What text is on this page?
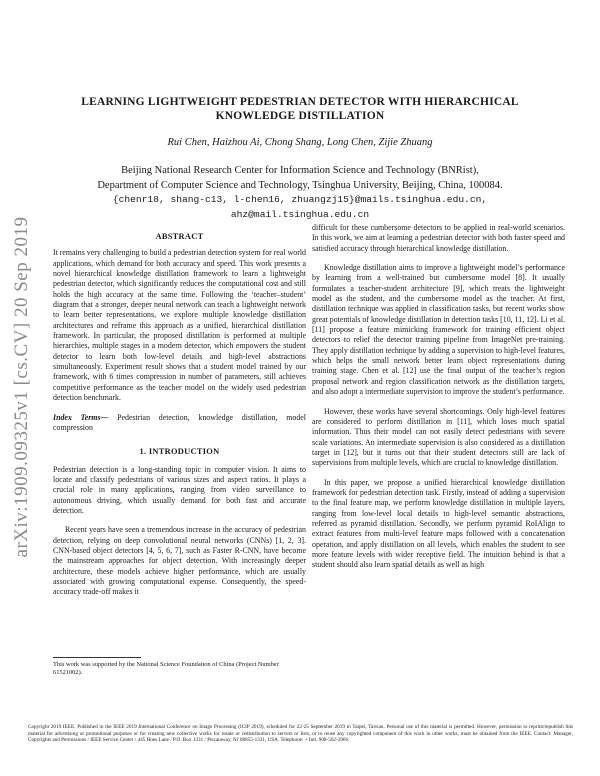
arXiv:1909.09325v1 [cs.CV] 20 Sep 2019
LEARNING LIGHTWEIGHT PEDESTRIAN DETECTOR WITH HIERARCHICAL KNOWLEDGE DISTILLATION
Rui Chen, Haizhou Ai, Chong Shang, Long Chen, Zijie Zhuang
Beijing National Research Center for Information Science and Technology (BNRist),
Department of Computer Science and Technology, Tsinghua University, Beijing, China, 100084.
{chenr18, shang-c13, l-chen16, zhuangzj15}@mails.tsinghua.edu.cn, ahz@mail.tsinghua.edu.cn
ABSTRACT

It remains very challenging to build a pedestrian detection system for real world applications, which demand for both accuracy and speed. This work presents a novel hierarchical knowledge distillation framework to learn a lightweight pedestrian detector, which significantly reduces the computational cost and still holds the high accuracy at the same time. Following the ‘teacher–student’ diagram that a stronger, deeper neural network can teach a lightweight network to learn better representations, we explore multiple knowledge distillation architectures and reframe this approach as a unified, hierarchical distillation framework. In particular, the proposed distillation is performed at multiple hierarchies, multiple stages in a modern detector, which empowers the student detector to learn both low-level details and high-level abstractions simultaneously. Experiment result shows that a student model trained by our framework, with 6 times compression in number of parameters, still achieves competitive performance as the teacher model on the widely used pedestrian detection benchmark.

Index Terms— Pedestrian detection, knowledge distillation, model compression

1. INTRODUCTION

Pedestrian detection is a long-standing topic in computer vision. It aims to locate and classify pedestrians of various sizes and aspect ratios. It plays a crucial role in many applications, ranging from video surveillance to autonomous driving, which usually demand for both fast and accurate detection.

Recent years have seen a tremendous increase in the accuracy of pedestrian detection, relying on deep convolutional neural networks (CNNs) [1, 2, 3]. CNN-based object detectors [4, 5, 6, 7], such as Faster R-CNN, have become the mainstream approaches for object detection. With increasingly deeper architecture, these models achieve higher performance, which are usually associated with growing computational expense. Consequently, the speed-accuracy trade-off makes it

difficult for these cumbersome detectors to be applied in real-world scenarios. In this work, we aim at learning a pedestrian detector with both faster speed and satisfied accuracy through hierarchical knowledge distillation.

Knowledge distillation aims to improve a lightweight model’s performance by learning from a well-trained but cumbersome model [8]. It usually formulates a teacher-student architecture [9], which treats the lightweight model as the student, and the cumbersome model as the teacher. At first, distillation technique was applied in classification tasks, but recent works show great potentials of knowledge distillation in detection tasks [10, 11, 12]. Li et al. [11] propose a feature mimicking framework for training efficient object detectors to relief the detector training pipeline from ImageNet pre-training. They apply distillation technique by adding a supervision to high-level features, which helps the small network better learn object representations during training stage. Chen et al. [12] use the final output of the teacher’s region proposal network and region classification network as the distillation targets, and also adopt a intermediate supervision to improve the student’s performance.

However, these works have several shortcomings. Only high-level features are considered to perform distillation in [11], which loses much spatial information. Thus their model can not easily detect pedestrians with severe scale variations. An intermediate supervision is also considered as a distillation target in [12], but it turns out that their student detectors still are lack of supervisions from multiple levels, which are crucial to knowledge distillation.

In this paper, we propose a unified hierarchical knowledge distillation framework for pedestrian detection task. Firstly, instead of adding a supervision to the final feature map, we perform knowledge distillation in multiple layers, ranging from low-level local details to high-level semantic abstractions, referred as pyramid distillation. Secondly, we perform pyramid RoIAlign to extract features from multi-level feature maps followed with a concatenation operation, and apply distillation on all levels, which enables the student to see more feature levels with wider receptive field. The intuition behind is that a student should also learn spatial details as well as high

This work was supported by the National Science Foundation of China (Project Number 61521002).
Copyright 2019 IEEE. Published in the IEEE 2019 International Conference on Image Processing (ICIP 2019), scheduled for 22-25 September 2019 in Taipei, Taiwan. Personal use of this material is permitted. However, permission to reprint/republish this material for advertising or promotional purposes or for creating new collective works for resale or redistribution to servers or lists, or to reuse any copyrighted component of this work in other works, must be obtained from the IEEE. Contact: Manager, Copyrights and Permissions / IEEE Service Center / 445 Hoes Lane / P.O. Box 1331 / Piscataway, NJ 08855-1331, USA. Telephone: + Intl. 908-562-3966.
